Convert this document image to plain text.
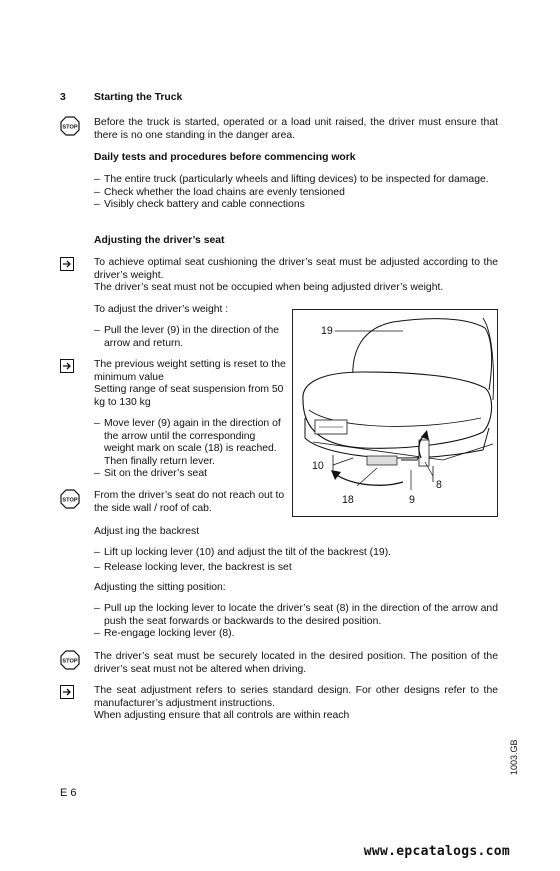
3	Starting the Truck
STOP Before the truck is started, operated or a load unit raised, the driver must ensure that there is no one standing in the danger area.
Daily tests and procedures before commencing work
– The entire truck (particularly wheels and lifting devices) to be inspected for damage.
– Check whether the load chains are evenly tensioned
– Visibly check battery and cable connections
Adjusting the driver’s seat
To achieve optimal seat cushioning the driver’s seat must be adjusted according to the driver’s weight.
The driver’s seat must not be occupied when being adjusted driver’s weight.
To adjust the driver’s weight :
– Pull the lever (9) in the direction of the arrow and return.
The previous weight setting is reset to the minimum value
Setting range of seat suspension from 50 kg to 130 kg
– Move lever (9) again in the direction of the arrow until the corresponding weight mark on scale (18) is reached. Then finally return lever.
– Sit on the driver’s seat
STOP From the driver’s seat do not reach out to the side wall / roof of cab.
19
10
8
18	9
Adjust ing the backrest
– Lift up locking lever (10) and adjust the tilt of the backrest (19).
– Release locking lever, the backrest is set
Adjusting the sitting position:
– Pull up the locking lever to locate the driver’s seat (8) in the direction of the arrow and push the seat forwards or backwards to the desired position.
– Re-engage locking lever (8).
STOP The driver’s seat must be securely located in the desired position. The position of the driver’s seat must not be altered when driving.
The seat adjustment refers to series standard design. For other designs refer to the manufacturer’s adjustment instructions.
When adjusting ensure that all controls are within reach
1003.GB
E 6
www.epcatalogs.com
